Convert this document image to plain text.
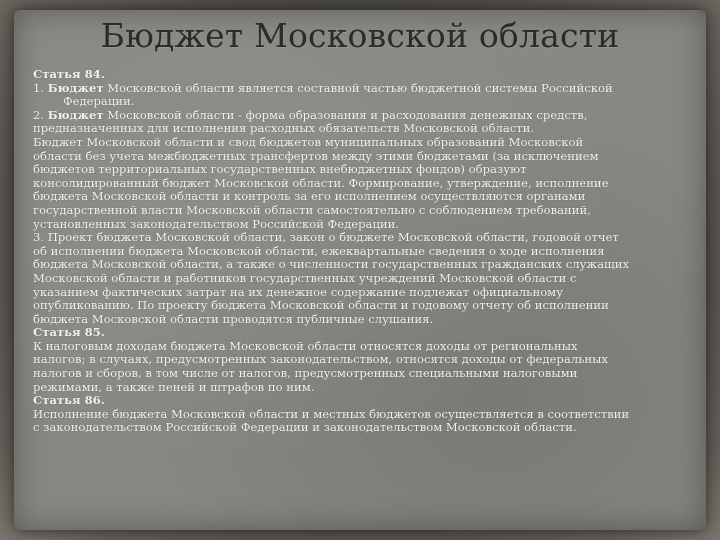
Бюджет Московской области
Статья 84.
1. Бюджет Московской области является составной частью бюджетной системы Российской
Федерации.
2. Бюджет Московской области - форма образования и расходования денежных средств,
предназначенных для исполнения расходных обязательств Московской области.
Бюджет Московской области и свод бюджетов муниципальных образований Московской
области без учета межбюджетных трансфертов между этими бюджетами (за исключением
бюджетов территориальных государственных внебюджетных фондов) образуют
консолидированный бюджет Московской области. Формирование, утверждение, исполнение
бюджета Московской области и контроль за его исполнением осуществляются органами
государственной власти Московской области самостоятельно с соблюдением требований,
установленных законодательством Российской Федерации.
3. Проект бюджета Московской области, закон о бюджете Московской области, годовой отчет
об исполнении бюджета Московской области, ежеквартальные сведения о ходе исполнения
бюджета Московской области, а также о численности государственных гражданских служащих
Московской области и работников государственных учреждений Московской области с
указанием фактических затрат на их денежное содержание подлежат официальному
опубликованию. По проекту бюджета Московской области и годовому отчету об исполнении
бюджета Московской области проводятся публичные слушания.
Статья 85.
К налоговым доходам бюджета Московской области относятся доходы от региональных
налогов; в случаях, предусмотренных законодательством, относятся доходы от федеральных
налогов и сборов, в том числе от налогов, предусмотренных специальными налоговыми
режимами, а также пеней и штрафов по ним.
Статья 86.
Исполнение бюджета Московской области и местных бюджетов осуществляется в соответствии
с законодательством Российской Федерации и законодательством Московской области.
